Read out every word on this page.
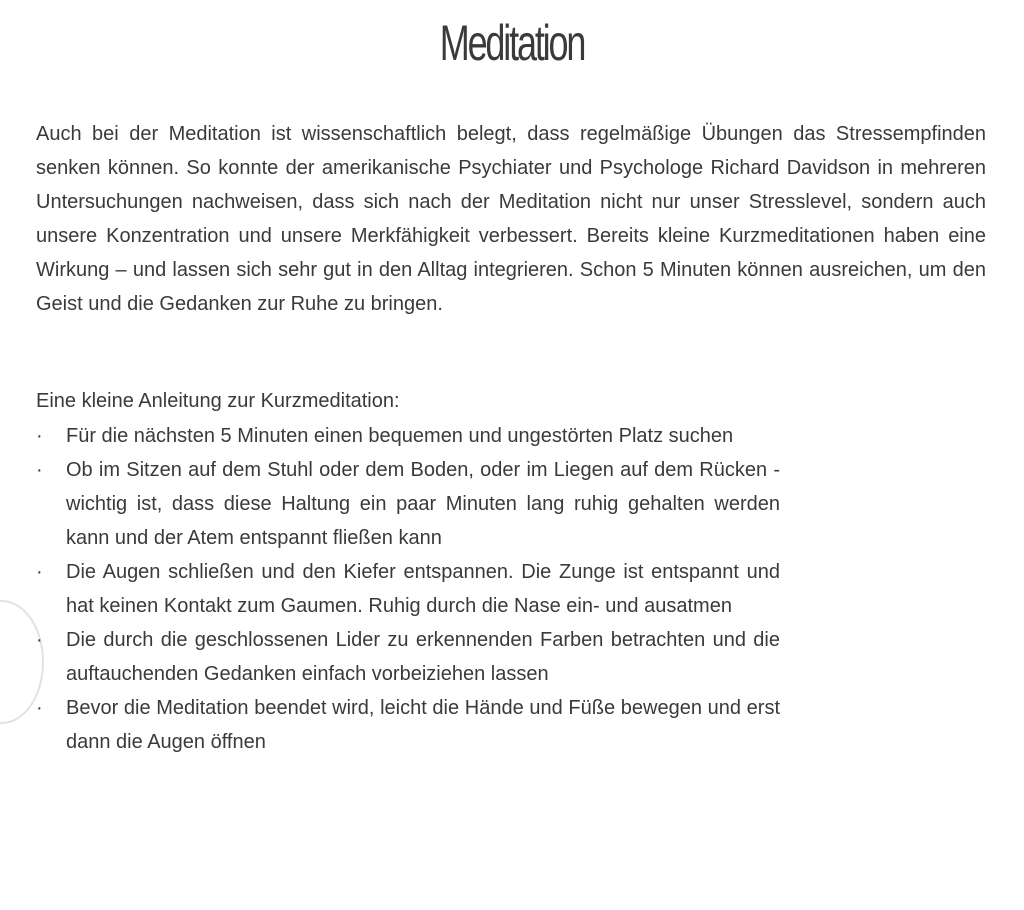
Meditation

Auch bei der Meditation ist wissenschaftlich belegt, dass regelmäßige Übungen das Stressempfinden senken können. So konnte der amerikanische Psychiater und Psychologe Richard Davidson in mehreren Untersuchungen nachweisen, dass sich nach der Meditation nicht nur unser Stresslevel, sondern auch unsere Konzentration und unsere Merkfähigkeit verbessert. Bereits kleine Kurzmeditationen haben eine Wirkung – und lassen sich sehr gut in den Alltag integrieren. Schon 5 Minuten können ausreichen, um den Geist und die Gedanken zur Ruhe zu bringen.

Eine kleine Anleitung zur Kurzmeditation:

·	Für die nächsten 5 Minuten einen bequemen und ungestörten Platz suchen
·	Ob im Sitzen auf dem Stuhl oder dem Boden, oder im Liegen auf dem Rücken - wichtig ist, dass diese Haltung ein paar Minuten lang ruhig gehalten werden kann und der Atem entspannt fließen kann
·	Die Augen schließen und den Kiefer entspannen. Die Zunge ist entspannt und hat keinen Kontakt zum Gaumen. Ruhig durch die Nase ein- und ausatmen
·	Die durch die geschlossenen Lider zu erkennenden Farben betrachten und die auftauchenden Gedanken einfach vorbeiziehen lassen
·	Bevor die Meditation beendet wird, leicht die Hände und Füße bewegen und erst dann die Augen öffnen
